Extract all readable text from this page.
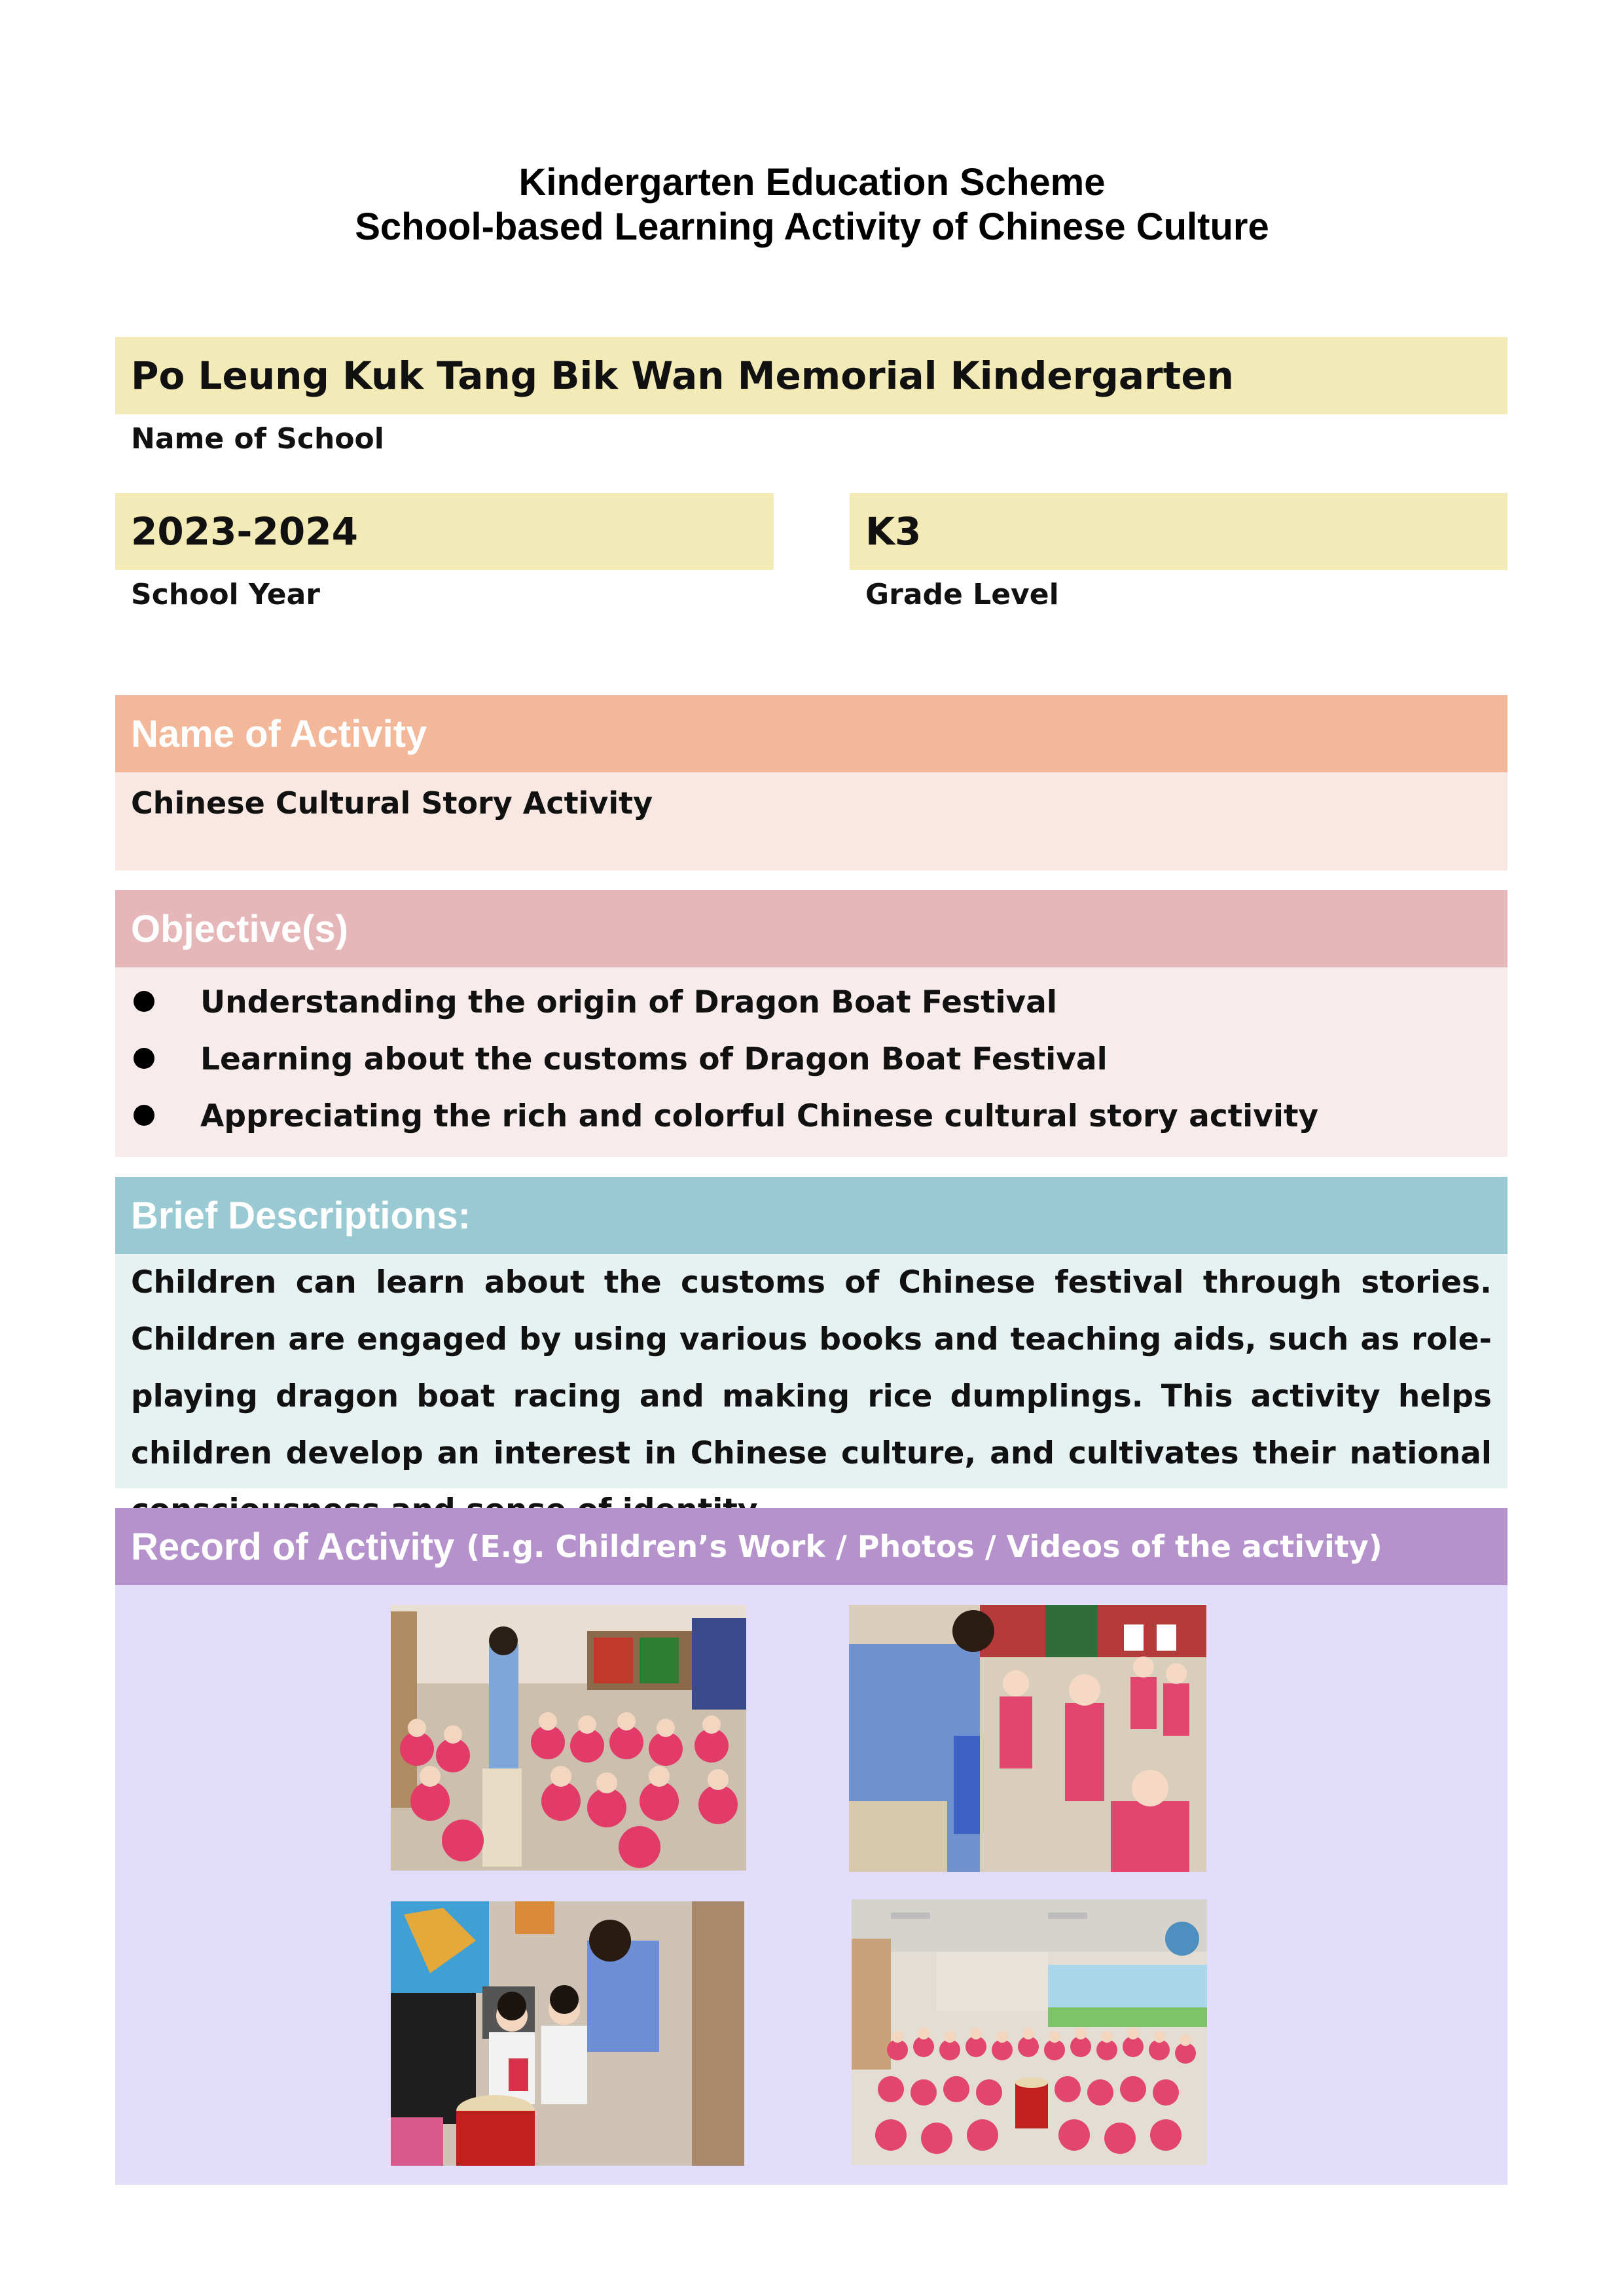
Kindergarten Education Scheme
School-based Learning Activity of Chinese Culture
Po Leung Kuk Tang Bik Wan Memorial Kindergarten
Name of School
2023-2024
School Year
K3
Grade Level
Name of Activity
Chinese Cultural Story Activity
Objective(s)
Understanding the origin of Dragon Boat Festival
Learning about the customs of Dragon Boat Festival
Appreciating the rich and colorful Chinese cultural story activity
Brief Descriptions:

Children can learn about the customs of Chinese festival through stories. Children are engaged by using various books and teaching aids, such as role-playing dragon boat racing and making rice dumplings. This activity helps children develop an interest in Chinese culture, and cultivates their national

Record of Activity (E.g. Children’s Work / Photos / Videos of the activity)
